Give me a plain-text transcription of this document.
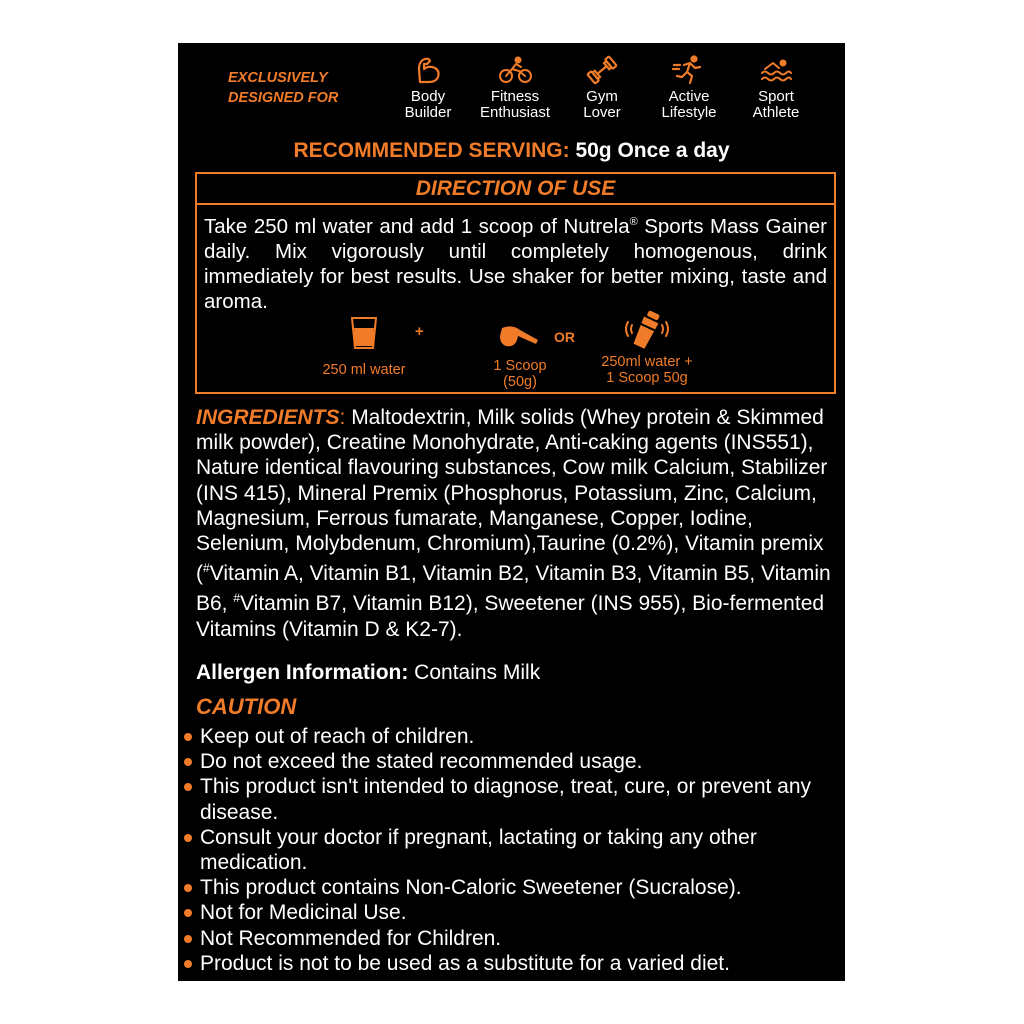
EXCLUSIVELY
DESIGNED FOR	Body
Builder
Fitness
Enthusiast
Gym
Lover
Active
Lifestyle
Sport
Athlete
RECOMMENDED SERVING: 50g Once a day
DIRECTION OF USE
Take 250 ml water and add 1 scoop of Nutrela® Sports Mass Gainer daily. Mix vigorously until completely homogenous, drink immediately for best results. Use shaker for better mixing, taste and aroma.
250 ml water
+
1 Scoop
(50g)
OR
250ml water +
1 Scoop 50g
INGREDIENTS: Maltodextrin, Milk solids (Whey protein & Skimmed milk powder), Creatine Monohydrate, Anti-caking agents (INS551), Nature identical flavouring substances, Cow milk Calcium, Stabilizer (INS 415), Mineral Premix (Phosphorus, Potassium, Zinc, Calcium, Magnesium, Ferrous fumarate, Manganese, Copper, Iodine, Selenium, Molybdenum, Chromium),Taurine (0.2%), Vitamin premix (#Vitamin A, Vitamin B1, Vitamin B2, Vitamin B3, Vitamin B5, Vitamin B6, #Vitamin B7, Vitamin B12), Sweetener (INS 955), Bio-fermented Vitamins (Vitamin D & K2-7).
Allergen Information: Contains Milk
CAUTION
Keep out of reach of children.
Do not exceed the stated recommended usage.
This product isn't intended to diagnose, treat, cure, or prevent any disease.
Consult your doctor if pregnant, lactating or taking any other medication.
This product contains Non-Caloric Sweetener (Sucralose).
Not for Medicinal Use.
Not Recommended for Children.
Product is not to be used as a substitute for a varied diet.
